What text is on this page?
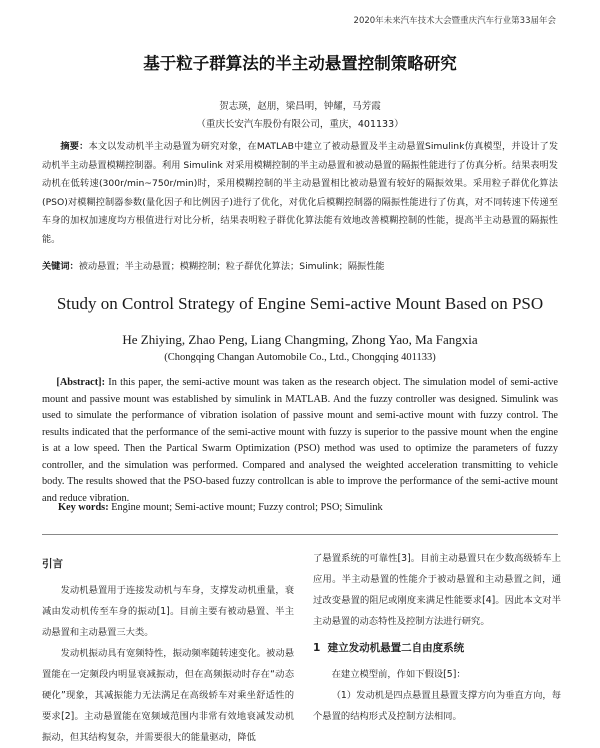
2020年未来汽车技术大会暨重庆汽车行业第33届年会
基于粒子群算法的半主动悬置控制策略研究
贺志瑛，赵朋，梁昌明，钟耀，马芳霞
（重庆长安汽车股份有限公司，重庆，401133）
摘要：本文以发动机半主动悬置为研究对象，在MATLAB中建立了被动悬置及半主动悬置Simulink仿真模型，并设计了发动机半主动悬置模糊控制器。利用 Simulink 对采用模糊控制的半主动悬置和被动悬置的隔振性能进行了仿真分析。结果表明发动机在低转速(300r/min~750r/min)时，采用模糊控制的半主动悬置相比被动悬置有较好的隔振效果。采用粒子群优化算法(PSO)对模糊控制器参数(量化因子和比例因子)进行了优化，对优化后模糊控制器的隔振性能进行了仿真，对不同转速下传递至车身的加权加速度均方根值进行对比分析，结果表明粒子群优化算法能有效地改善模糊控制的性能，提高半主动悬置的隔振性能。
关键词：被动悬置；半主动悬置；模糊控制；粒子群优化算法；Simulink；隔振性能
Study on Control Strategy of Engine Semi-active Mount Based on PSO
He Zhiying, Zhao Peng, Liang Changming, Zhong Yao, Ma Fangxia
(Chongqing Changan Automobile Co., Ltd., Chongqing 401133)
[Abstract]: In this paper, the semi-active mount was taken as the research object. The simulation model of semi-active mount and passive mount was established by simulink in MATLAB. And the fuzzy controller was designed. Simulink was used to simulate the performance of vibration isolation of passive mount and semi-active mount with fuzzy control. The results indicated that the performance of the semi-active mount with fuzzy is superior to the passive mount when the engine is at a low speed. Then the Partical Swarm Optimization (PSO) method was used to optimize the parameters of fuzzy controller, and the simulation was performed. Compared and analysed the weighted acceleration transmitting to vehicle body. The results showed that the PSO-based fuzzy controllcan is able to improve the performance of the semi-active mount and reduce vibration.
Key words: Engine mount; Semi-active mount; Fuzzy control; PSO; Simulink
引言

发动机悬置用于连接发动机与车身，支撑发动机重量，衰减由发动机传至车身的振动[1]。目前主要有被动悬置、半主动悬置和主动悬置三大类。

发动机振动具有宽频特性，振动频率随转速变化。被动悬置能在一定频段内明显衰减振动，但在高频振动时存在“动态硬化”现象，其减振能力无法满足在高级轿车对乘坐舒适性的要求[2]。主动悬置能在宽频域范围内非常有效地衰减发动机振动，但其结构复杂，并需要很大的能量驱动，降低

了悬置系统的可靠性[3]。目前主动悬置只在少数高级轿车上应用。半主动悬置的性能介于被动悬置和主动悬置之间，通过改变悬置的阻尼或刚度来满足性能要求[4]。因此本文对半主动悬置的动态特性及控制方法进行研究。

1 建立发动机悬置二自由度系统

在建立模型前，作如下假设[5]：

（1）发动机是四点悬置且悬置支撑方向为垂直方向，每个悬置的结构形式及控制方法相同。
